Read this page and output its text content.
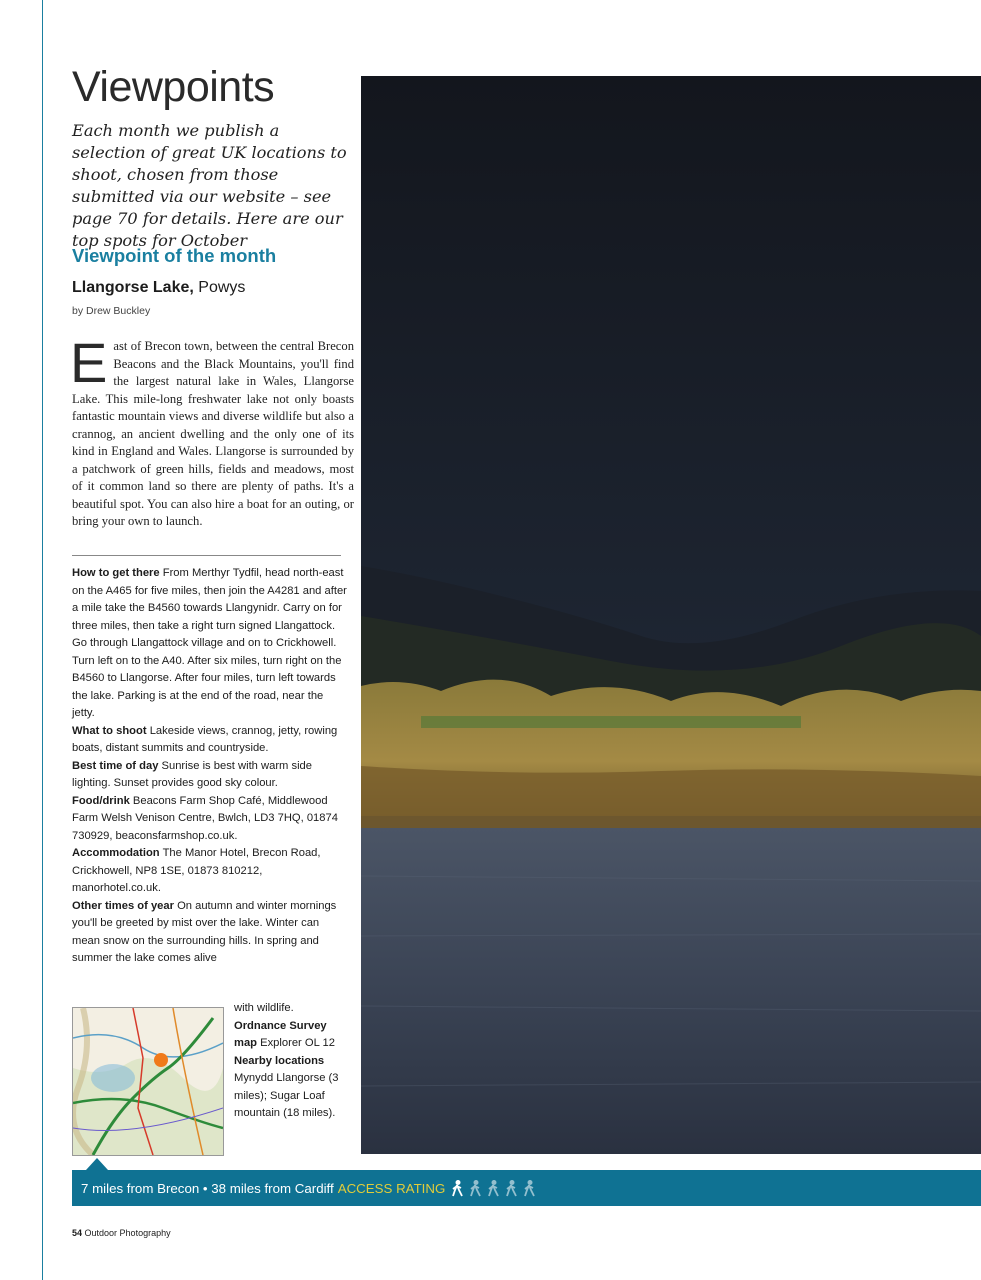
Viewpoints

Each month we publish a selection of great UK locations to shoot, chosen from those submitted via our website – see page 70 for details. Here are our top spots for October

Viewpoint of the month

Llangorse Lake, Powys

by Drew Buckley

East of Brecon town, between the central Brecon Beacons and the Black Mountains, you'll find the largest natural lake in Wales, Llangorse Lake. This mile-long freshwater lake not only boasts fantastic mountain views and diverse wildlife but also a crannog, an ancient dwelling and the only one of its kind in England and Wales. Llangorse is surrounded by a patchwork of green hills, fields and meadows, most of it common land so there are plenty of paths. It's a beautiful spot. You can also hire a boat for an outing, or bring your own to launch.

How to get there From Merthyr Tydfil, head north-east on the A465 for five miles, then join the A4281 and after a mile take the B4560 towards Llangynidr. Carry on for three miles, then take a right turn signed Llangattock. Go through Llangattock village and on to Crickhowell. Turn left on to the A40. After six miles, turn right on the B4560 to Llangorse. After four miles, turn left towards the lake. Parking is at the end of the road, near the jetty.
What to shoot Lakeside views, crannog, jetty, rowing boats, distant summits and countryside.
Best time of day Sunrise is best with warm side lighting. Sunset provides good sky colour.
Food/drink Beacons Farm Shop Café, Middlewood Farm Welsh Venison Centre, Bwlch, LD3 7HQ, 01874 730929, beaconsfarmshop.co.uk.
Accommodation The Manor Hotel, Brecon Road, Crickhowell, NP8 1SE, 01873 810212, manorhotel.co.uk.
Other times of year On autumn and winter mornings you'll be greeted by mist over the lake. Winter can mean snow on the surrounding hills. In spring and summer the lake comes alive

with wildlife.
Ordnance Survey map Explorer OL 12
Nearby locations
Mynydd Llangorse (3 miles); Sugar Loaf mountain (18 miles).

7 miles from Brecon • 38 miles from Cardiff ACCESS RATING

54 Outdoor Photography
